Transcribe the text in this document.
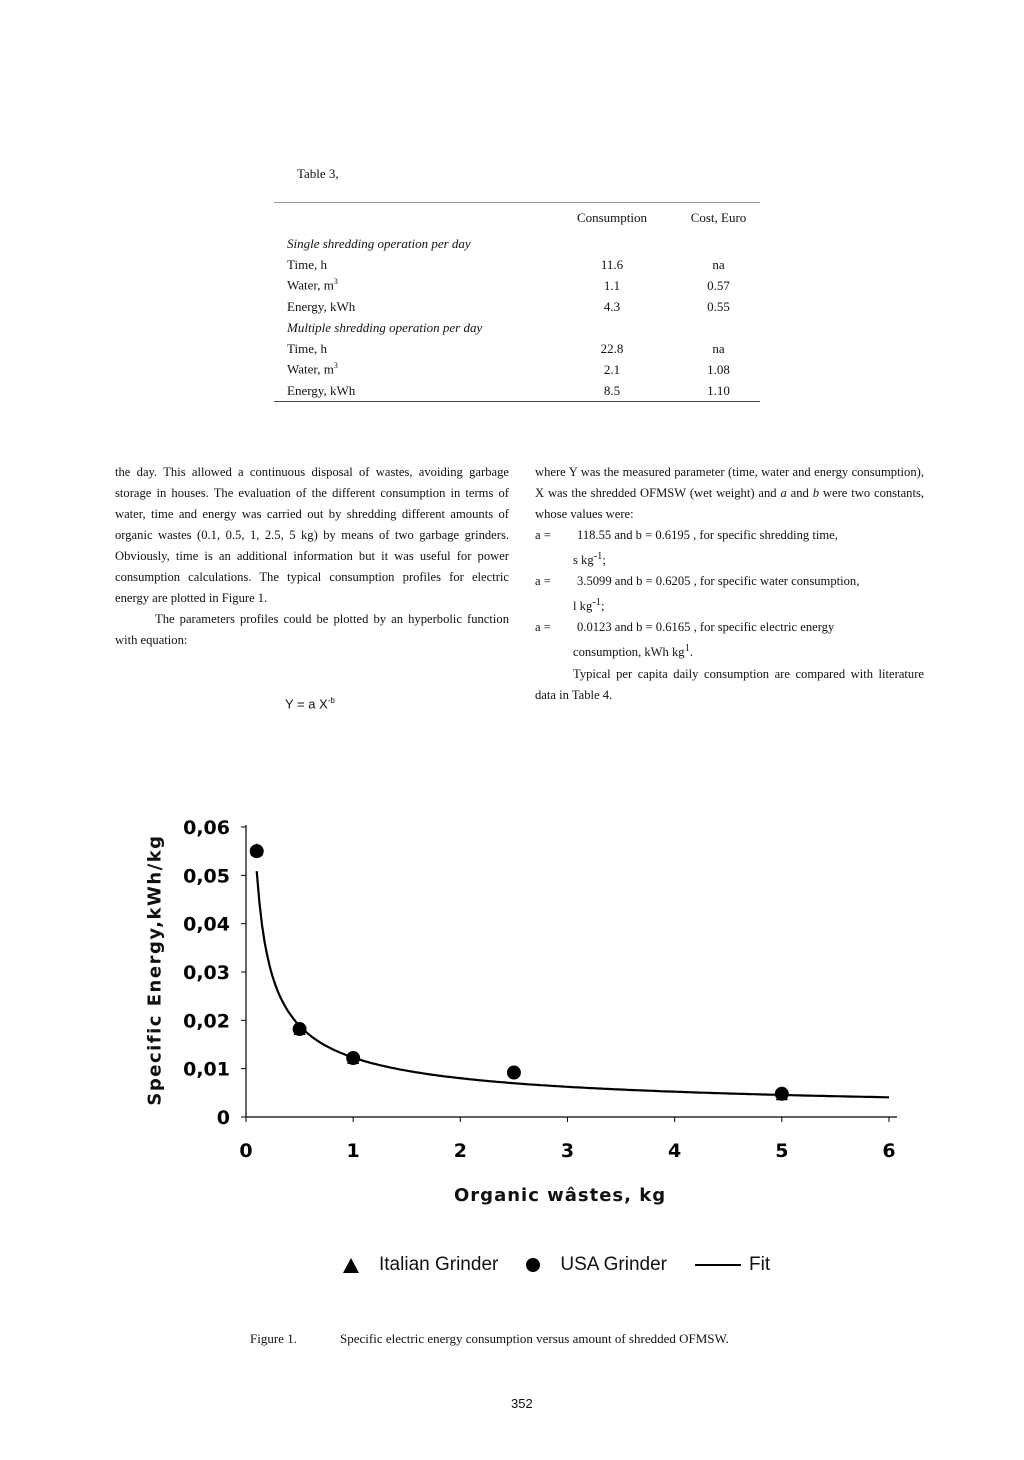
Table 3,
	Consumption	Cost, Euro
Single shredding operation per day		
Time, h	11.6	na
Water, $m^3$	1.1	0.57
Energy, kWh	4.3	0.55
Multiple shredding operation per day		
Time, h	22.8	na
Water, $m^3$	2.1	1.08
Energy, kWh	8.5	1.10

the day. This allowed a continuous disposal of wastes, avoiding garbage storage in houses. The evaluation of the different consumption in terms of water, time and energy was carried out by shredding different amounts of organic wastes (0.1, 0.5, 1, 2.5, 5 kg) by means of two garbage grinders. Obviously, time is an additional information but it was useful for power consumption calculations. The typical consumption profiles for electric energy are plotted in Figure 1.

The parameters profiles could be plotted by an hyperbolic function with equation:

Y = a $X^{-b}$

where Y was the measured parameter (time, water and energy consumption), X was the shredded OFMSW (wet weight) and a and b were two constants, whose values were:

a =	118.55 and b = 0.6195 , for specific shredding time,
s $kg^{-1}$;
a =	3.5099 and b = 0.6205 , for specific water consumption,
l $kg^{-1}$;
a =	0.0123 and b = 0.6165 , for specific electric energy
consumption, kWh $kg^1$.

Typical per capita daily consumption are compared with literature data in Table 4.

0
0,01
0,02
0,03
0,04
0,05
0,06
0	1	2	3	4	5	6
Specific Energy,kWh/kg
Organic wâstes, kg
Italian Grinder	USA Grinder	Fit
Figure 1.	Specific electric energy consumption versus amount of shredded OFMSW.
352
